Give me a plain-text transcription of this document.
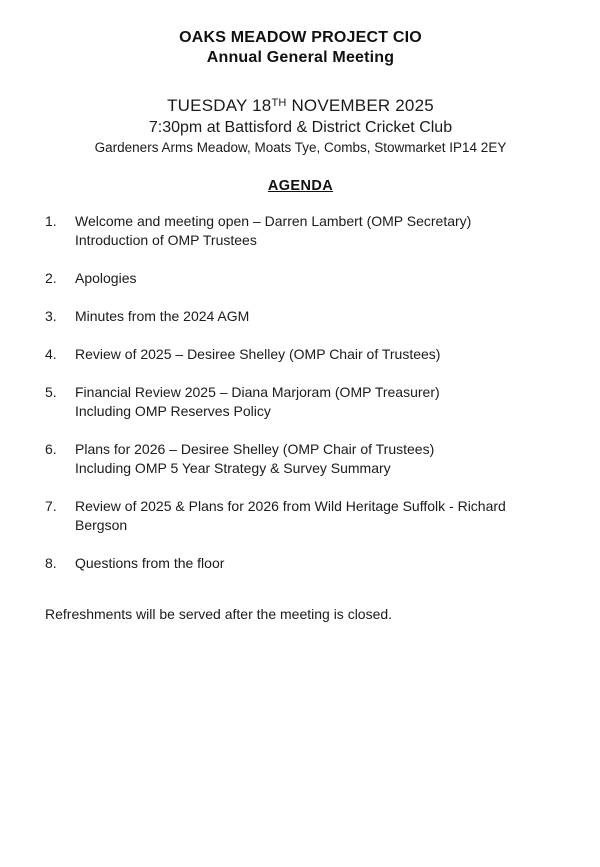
OAKS MEADOW PROJECT CIO
Annual General Meeting
TUESDAY 18TH NOVEMBER 2025
7:30pm at Battisford & District Cricket Club
Gardeners Arms Meadow, Moats Tye, Combs, Stowmarket IP14 2EY
AGENDA
1.	Welcome and meeting open – Darren Lambert (OMP Secretary)
Introduction of OMP Trustees
2.	Apologies
3.	Minutes from the 2024 AGM
4.	Review of 2025 – Desiree Shelley (OMP Chair of Trustees)
5.	Financial Review 2025 – Diana Marjoram (OMP Treasurer)
Including OMP Reserves Policy
6.	Plans for 2026 – Desiree Shelley (OMP Chair of Trustees)
Including OMP 5 Year Strategy & Survey Summary
7.	Review of 2025 & Plans for 2026 from Wild Heritage Suffolk - Richard
Bergson
8.	Questions from the floor

Refreshments will be served after the meeting is closed.
